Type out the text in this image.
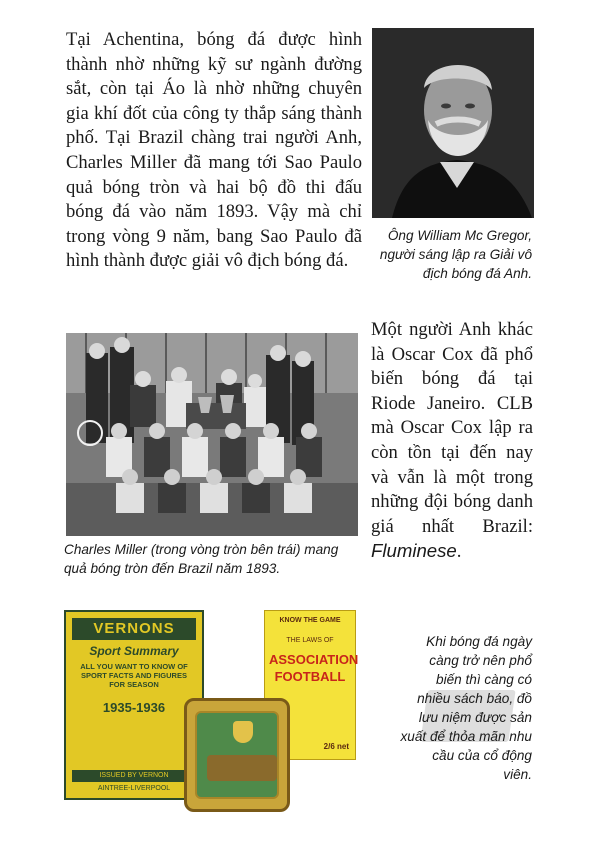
Tại Achentina, bóng đá được hình thành nhờ những kỹ sư ngành đường sắt, còn tại Áo là nhờ những chuyên gia khí đốt của công ty thắp sáng thành phố. Tại Brazil chàng trai người Anh, Charles Miller đã mang tới Sao Paulo quả bóng tròn và hai bộ đồ thi đấu bóng đá vào năm 1893. Vậy mà chỉ trong vòng 9 năm, bang Sao Paulo đã hình thành được giải vô địch bóng đá.

Ông William Mc Gregor, người sáng lập ra Giải vô địch bóng đá Anh.
Charles Miller (trong vòng tròn bên trái) mang quả bóng tròn đến Brazil năm 1893.

Một người Anh khác là Oscar Cox đã phổ biến bóng đá tại Riode Janeiro. CLB mà Oscar Cox lập ra còn tồn tại đến nay và vẫn là một trong những đội bóng danh giá nhất Brazil: Fluminese.

VERNONS
Sport Summary
ALL YOU WANT TO KNOW OF SPORT FACTS AND FIGURES FOR SEASON
1935-1936
ISSUED BY VERNON
AINTREE-LIVERPOOL
KNOW THE GAME
THE LAWS OF
ASSOCIATION FOOTBALL
2/6 net
Khi bóng đá ngày càng trở nên phổ biến thì càng có nhiều sách báo, đồ lưu niệm được sản xuất để thỏa mãn nhu cầu của cổ động viên.
